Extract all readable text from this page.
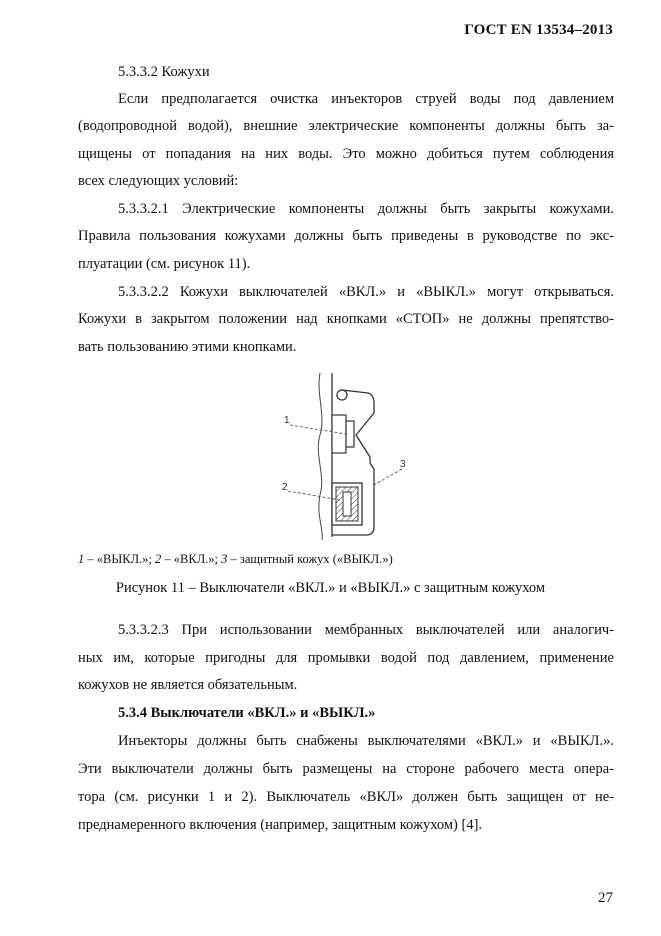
ГОСТ EN 13534–2013
5.3.3.2 Кожухи
Если предполагается очистка инъекторов струей воды под давлением
(водопроводной водой), внешние электрические компоненты должны быть за-
щищены от попадания на них воды. Это можно добиться путем соблюдения
всех следующих условий:
5.3.3.2.1 Электрические компоненты должны быть закрыты кожухами.
Правила пользования кожухами должны быть приведены в руководстве по экс-
плуатации (см. рисунок 11).
5.3.3.2.2 Кожухи выключателей «ВКЛ.» и «ВЫКЛ.» могут открываться.
Кожухи в закрытом положении над кнопками «СТОП» не должны препятство-
вать пользованию этими кнопками.
1
2
3
1 – «ВЫКЛ.»; 2 – «ВКЛ.»; 3 – защитный кожух («ВЫКЛ.»)
Рисунок 11 – Выключатели «ВКЛ.» и «ВЫКЛ.» с защитным кожухом
5.3.3.2.3 При использовании мембранных выключателей или аналогич-
ных им, которые пригодны для промывки водой под давлением, применение
кожухов не является обязательным.
5.3.4 Выключатели «ВКЛ.» и «ВЫКЛ.»
Инъекторы должны быть снабжены выключателями «ВКЛ.» и «ВЫКЛ.».
Эти выключатели должны быть размещены на стороне рабочего места опера-
тора (см. рисунки 1 и 2). Выключатель «ВКЛ» должен быть защищен от не-
преднамеренного включения (например, защитным кожухом) [4].
27
